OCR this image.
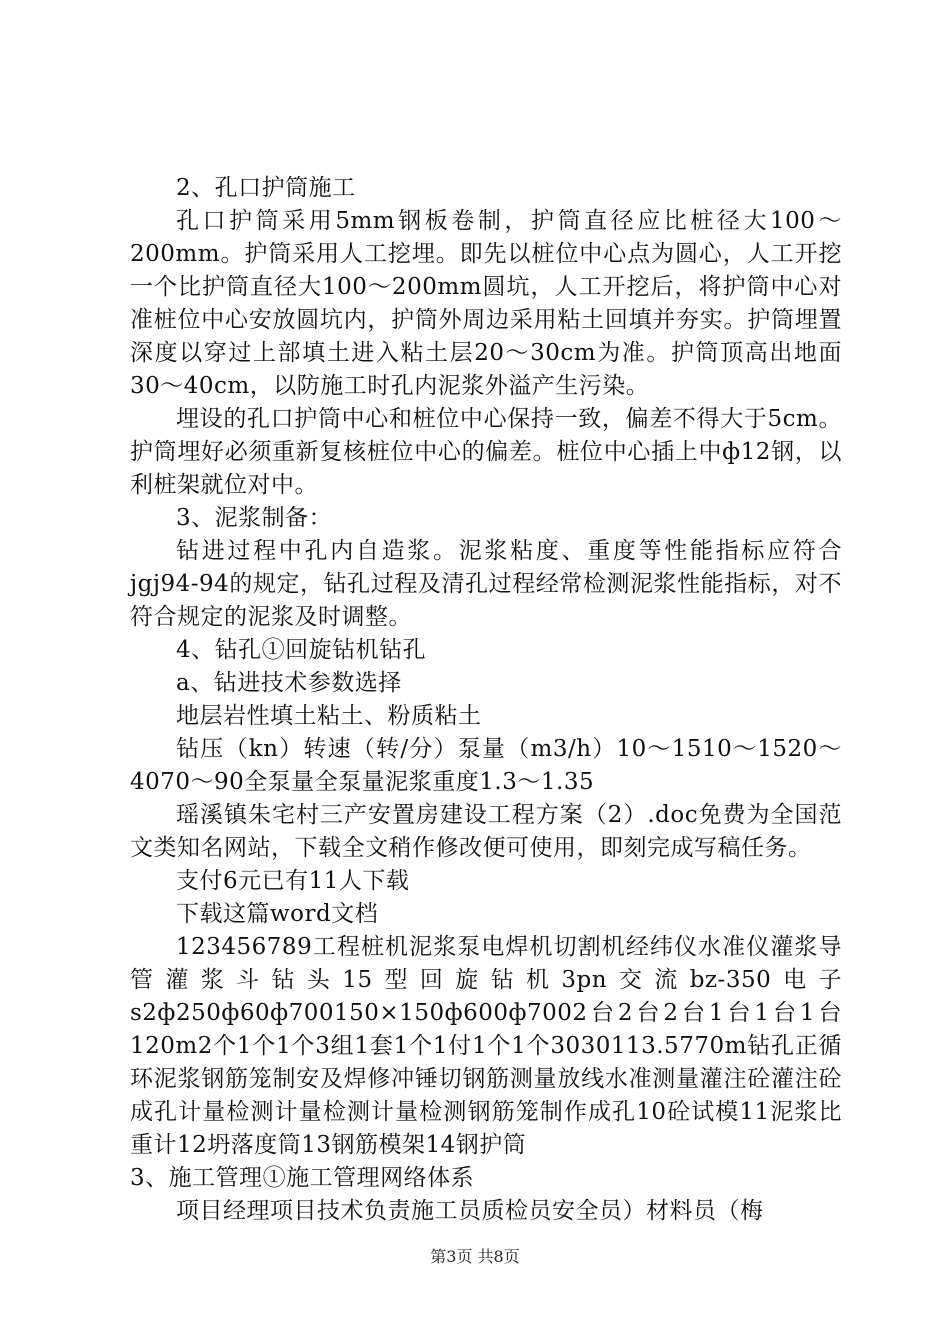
2、孔口护筒施工

孔口护筒采用5mm钢板卷制，护筒直径应比桩径大100～200mm。护筒采用人工挖埋。即先以桩位中心点为圆心，人工开挖一个比护筒直径大100～200mm圆坑，人工开挖后，将护筒中心对准桩位中心安放圆坑内，护筒外周边采用粘土回填并夯实。护筒埋置深度以穿过上部填土进入粘土层20～30cm为准。护筒顶高出地面30～40cm，以防施工时孔内泥浆外溢产生污染。

埋设的孔口护筒中心和桩位中心保持一致，偏差不得大于5cm。护筒埋好必须重新复核桩位中心的偏差。桩位中心插上中ф12钢，以利桩架就位对中。

3、泥浆制备：

钻进过程中孔内自造浆。泥浆粘度、重度等性能指标应符合jgj94-94的规定，钻孔过程及清孔过程经常检测泥浆性能指标，对不符合规定的泥浆及时调整。

4、钻孔①回旋钻机钻孔

a、钻进技术参数选择

地层岩性填土粘土、粉质粘土

钻压（kn）转速（转/分）泵量（m3/h）10～1510～1520～4070～90全泵量全泵量泥浆重度1.3～1.35

瑶溪镇朱宅村三产安置房建设工程方案（2）.doc免费为全国范文类知名网站，下载全文稍作修改便可使用，即刻完成写稿任务。

支付6元已有11人下载

下载这篇word文档

123456789工程桩机泥浆泵电焊机切割机经纬仪水准仪灌浆导管灌浆斗钻头15型回旋钻机3pn交流bz-350电子s2ф250ф60ф700150×150ф600ф7002台2台2台1台1台1台120m2个1个1个3组1套1个1付1个1个3030113.5770m钻孔正循环泥浆钢筋笼制安及焊修冲锤切钢筋测量放线水准测量灌注砼灌注砼成孔计量检测计量检测计量检测钢筋笼制作成孔10砼试模11泥浆比重计12坍落度筒13钢筋模架14钢护筒

3、施工管理①施工管理网络体系

项目经理项目技术负责施工员质检员安全员）材料员（梅

第3页 共8页
